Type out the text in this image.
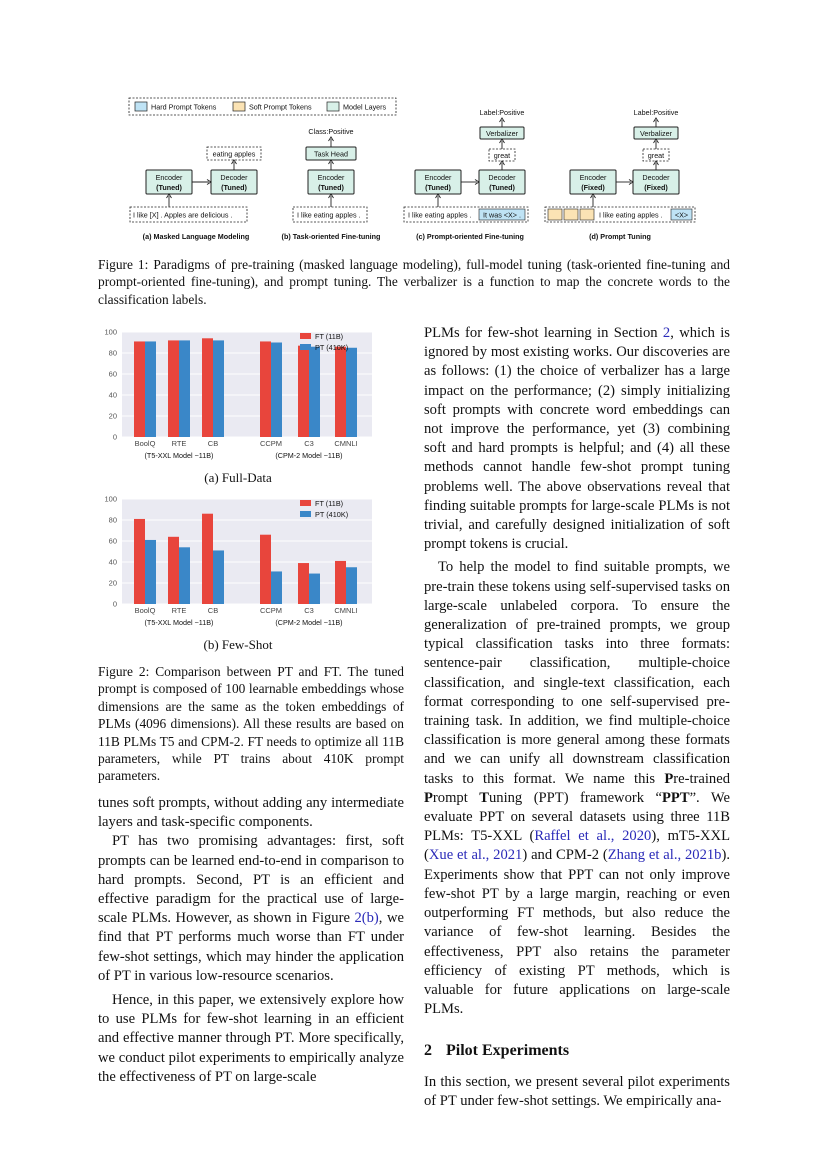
Hard Prompt Tokens	Soft Prompt Tokens	Model Layers
I like [X] . Apples are delicious .
Encoder
(Tuned)
Decoder
(Tuned)
eating apples
(a) Masked Language Modeling
I like eating apples .
Encoder
(Tuned)
Task Head
Class:Positive
(b) Task-oriented Fine-tuning
I like eating apples . It was <X> .
Encoder
(Tuned)
Decoder
(Tuned)
great
Verbalizer
Label:Positive
(c) Prompt-oriented Fine-tuning
I like eating apples . <X>
Encoder
(Fixed)
Decoder
(Fixed)
great
Verbalizer
Label:Positive
(d) Prompt Tuning
Figure 1: Paradigms of pre-training (masked language modeling), full-model tuning (task-oriented fine-tuning and prompt-oriented fine-tuning), and prompt tuning. The verbalizer is a function to map the concrete words to the classification labels.
0
20
40
60
80
100
BoolQ RTE	CB	CCPM	C3	CMNLI
(T5-XXL Model ~11B)	(CPM-2 Model ~11B)
FT (11B)
PT (410K)
(a) Full-Data
0
20
40
60
80
100
BoolQ RTE	CB	CCPM	C3	CMNLI
(T5-XXL Model ~11B)	(CPM-2 Model ~11B)
FT (11B)
PT (410K)
(b) Few-Shot
Figure 2: Comparison between PT and FT. The tuned prompt is composed of 100 learnable embeddings whose dimensions are the same as the token embeddings of PLMs (4096 dimensions). All these results are based on 11B PLMs T5 and CPM-2. FT needs to optimize all 11B parameters, while PT trains about 410K prompt parameters.

tunes soft prompts, without adding any intermediate layers and task-specific components.

PT has two promising advantages: first, soft prompts can be learned end-to-end in comparison to hard prompts. Second, PT is an efficient and effective paradigm for the practical use of large-scale PLMs. However, as shown in Figure 2(b), we find that PT performs much worse than FT under few-shot settings, which may hinder the application of PT in various low-resource scenarios.

Hence, in this paper, we extensively explore how to use PLMs for few-shot learning in an efficient and effective manner through PT. More specifically, we conduct pilot experiments to empirically analyze the effectiveness of PT on large-scale

PLMs for few-shot learning in Section 2, which is ignored by most existing works. Our discoveries are as follows: (1) the choice of verbalizer has a large impact on the performance; (2) simply initializing soft prompts with concrete word embeddings can not improve the performance, yet (3) combining soft and hard prompts is helpful; and (4) all these methods cannot handle few-shot prompt tuning problems well. The above observations reveal that finding suitable prompts for large-scale PLMs is not trivial, and carefully designed initialization of soft prompt tokens is crucial.

To help the model to find suitable prompts, we pre-train these tokens using self-supervised tasks on large-scale unlabeled corpora. To ensure the generalization of pre-trained prompts, we group typical classification tasks into three formats: sentence-pair classification, multiple-choice classification, and single-text classification, each format corresponding to one self-supervised pre-training task. In addition, we find multiple-choice classification is more general among these formats and we can unify all downstream classification tasks to this format. We name this Pre-trained Prompt Tuning (PPT) framework “PPT”. We evaluate PPT on several datasets using three 11B PLMs: T5-XXL (Raffel et al., 2020), mT5-XXL (Xue et al., 2021) and CPM-2 (Zhang et al., 2021b). Experiments show that PPT can not only improve few-shot PT by a large margin, reaching or even outperforming FT methods, but also reduce the variance of few-shot learning. Besides the effectiveness, PPT also retains the parameter efficiency of existing PT methods, which is valuable for future applications on large-scale PLMs.

2 Pilot Experiments

In this section, we present several pilot experiments of PT under few-shot settings. We empirically ana-
